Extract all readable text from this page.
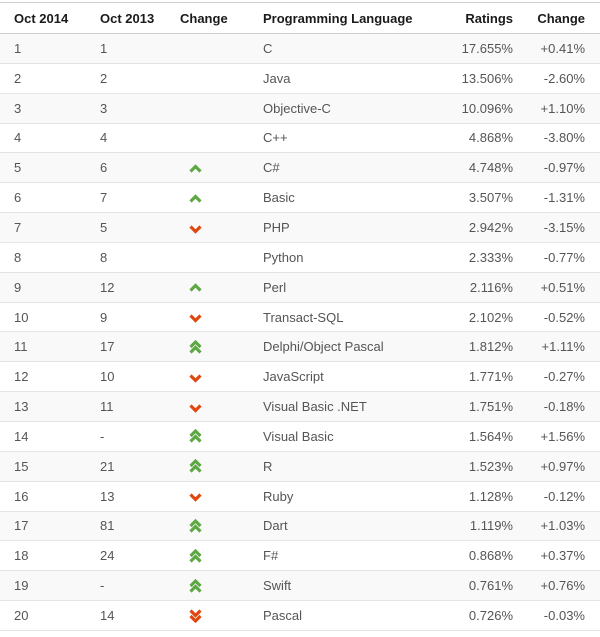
Oct 2014	Oct 2013	Change	Programming Language	Ratings	Change
1	1		C	17.655%	+0.41%
2	2		Java	13.506%	-2.60%
3	3		Objective-C	10.096%	+1.10%
4	4		C++	4.868%	-3.80%
5	6		C#	4.748%	-0.97%
6	7		Basic	3.507%	-1.31%
7	5		PHP	2.942%	-3.15%
8	8		Python	2.333%	-0.77%
9	12		Perl	2.116%	+0.51%
10	9		Transact-SQL	2.102%	-0.52%
11	17		Delphi/Object Pascal	1.812%	+1.11%
12	10		JavaScript	1.771%	-0.27%
13	11		Visual Basic .NET	1.751%	-0.18%
14	-		Visual Basic	1.564%	+1.56%
15	21		R	1.523%	+0.97%
16	13		Ruby	1.128%	-0.12%
17	81		Dart	1.119%	+1.03%
18	24		F#	0.868%	+0.37%
19	-		Swift	0.761%	+0.76%
20	14		Pascal	0.726%	-0.03%
